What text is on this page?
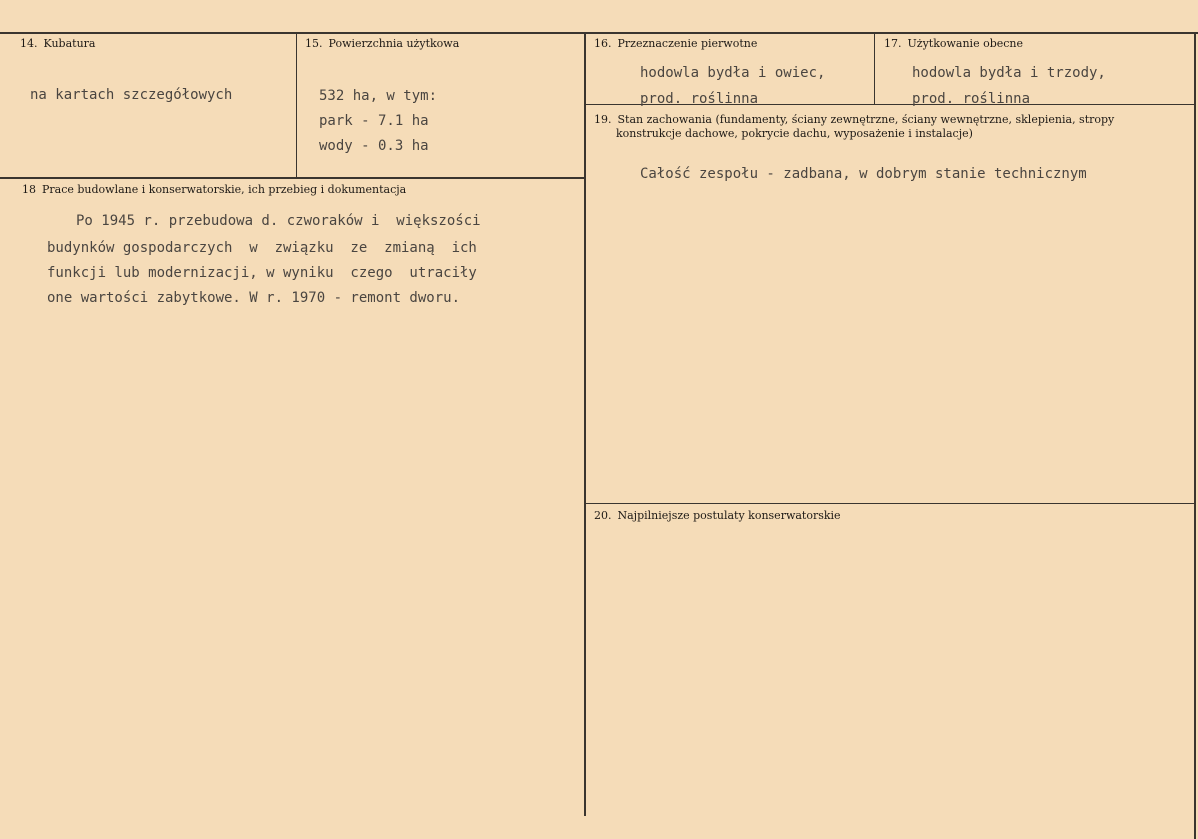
14. Kubatura
na kartach szczegółowych
15. Powierzchnia użytkowa
532 ha, w tym:
park - 7.1 ha
wody - 0.3 ha
16. Przeznaczenie pierwotne
hodowla bydła i owiec,
prod. roślinna
17. Użytkowanie obecne
hodowla bydła i trzody,
prod. roślinna
19. Stan zachowania (fundamenty, ściany zewnętrzne, ściany wewnętrzne, sklepienia, stropy
konstrukcje dachowe, pokrycie dachu, wyposażenie i instalacje)
Całość zespołu - zadbana, w dobrym stanie technicznym
18 Prace budowlane i konserwatorskie, ich przebieg i dokumentacja
Po 1945 r. przebudowa d. czworaków i  większości
budynków gospodarczych  w  związku  ze  zmianą  ich
funkcji lub modernizacji, w wyniku  czego  utraciły
one wartości zabytkowe. W r. 1970 - remont dworu.
20. Najpilniejsze postulaty konserwatorskie
